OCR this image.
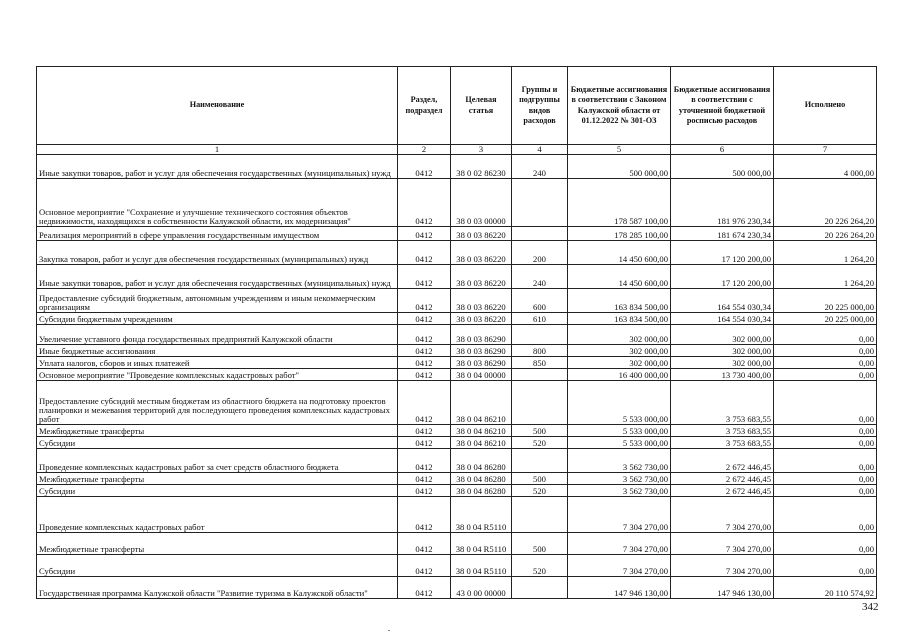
Наименование	Раздел, подраздел	Целевая статья	Группы и подгруппы видов расходов	Бюджетные ассигнования в соответствии с Законом Калужской области от 01.12.2022 № 301-ОЗ	Бюджетные ассигнования в соответствии с уточненной бюджетной росписью расходов	Исполнено
1	2	3	4	5	6	7
Иные закупки товаров, работ и услуг для обеспечения государственных (муниципальных) нужд	0412	38 0 02 86230	240	500 000,00	500 000,00	4 000,00
Основное мероприятие "Сохранение и улучшение технического состояния объектов недвижимости, находящихся в собственности Калужской области, их модернизация"	0412	38 0 03 00000		178 587 100,00	181 976 230,34	20 226 264,20
Реализация мероприятий в сфере управления государственным имуществом	0412	38 0 03 86220		178 285 100,00	181 674 230,34	20 226 264,20
Закупка товаров, работ и услуг для обеспечения государственных (муниципальных) нужд	0412	38 0 03 86220	200	14 450 600,00	17 120 200,00	1 264,20
Иные закупки товаров, работ и услуг для обеспечения государственных (муниципальных) нужд	0412	38 0 03 86220	240	14 450 600,00	17 120 200,00	1 264,20
Предоставление субсидий бюджетным, автономным учреждениям и иным некоммерческим организациям	0412	38 0 03 86220	600	163 834 500,00	164 554 030,34	20 225 000,00
Субсидии бюджетным учреждениям	0412	38 0 03 86220	610	163 834 500,00	164 554 030,34	20 225 000,00
Увеличение уставного фонда государственных предприятий Калужской области	0412	38 0 03 86290		302 000,00	302 000,00	0,00
Иные бюджетные ассигнования	0412	38 0 03 86290	800	302 000,00	302 000,00	0,00
Уплата налогов, сборов и иных платежей	0412	38 0 03 86290	850	302 000,00	302 000,00	0,00
Основное мероприятие "Проведение комплексных кадастровых работ"	0412	38 0 04 00000		16 400 000,00	13 730 400,00	0,00
Предоставление субсидий местным бюджетам из областного бюджета на подготовку проектов планировки и межевания территорий для последующего проведения комплексных кадастровых работ	0412	38 0 04 86210		5 533 000,00	3 753 683,55	0,00
Межбюджетные трансферты	0412	38 0 04 86210	500	5 533 000,00	3 753 683,55	0,00
Субсидии	0412	38 0 04 86210	520	5 533 000,00	3 753 683,55	0,00
Проведение комплексных кадастровых работ за счет средств областного бюджета	0412	38 0 04 86280		3 562 730,00	2 672 446,45	0,00
Межбюджетные трансферты	0412	38 0 04 86280	500	3 562 730,00	2 672 446,45	0,00
Субсидии	0412	38 0 04 86280	520	3 562 730,00	2 672 446,45	0,00
Проведение комплексных кадастровых работ	0412	38 0 04 R5110		7 304 270,00	7 304 270,00	0,00
Межбюджетные трансферты	0412	38 0 04 R5110	500	7 304 270,00	7 304 270,00	0,00
Субсидии	0412	38 0 04 R5110	520	7 304 270,00	7 304 270,00	0,00
Государственная программа Калужской области "Развитие туризма в Калужской области"	0412	43 0 00 00000		147 946 130,00	147 946 130,00	20 110 574,92
342
